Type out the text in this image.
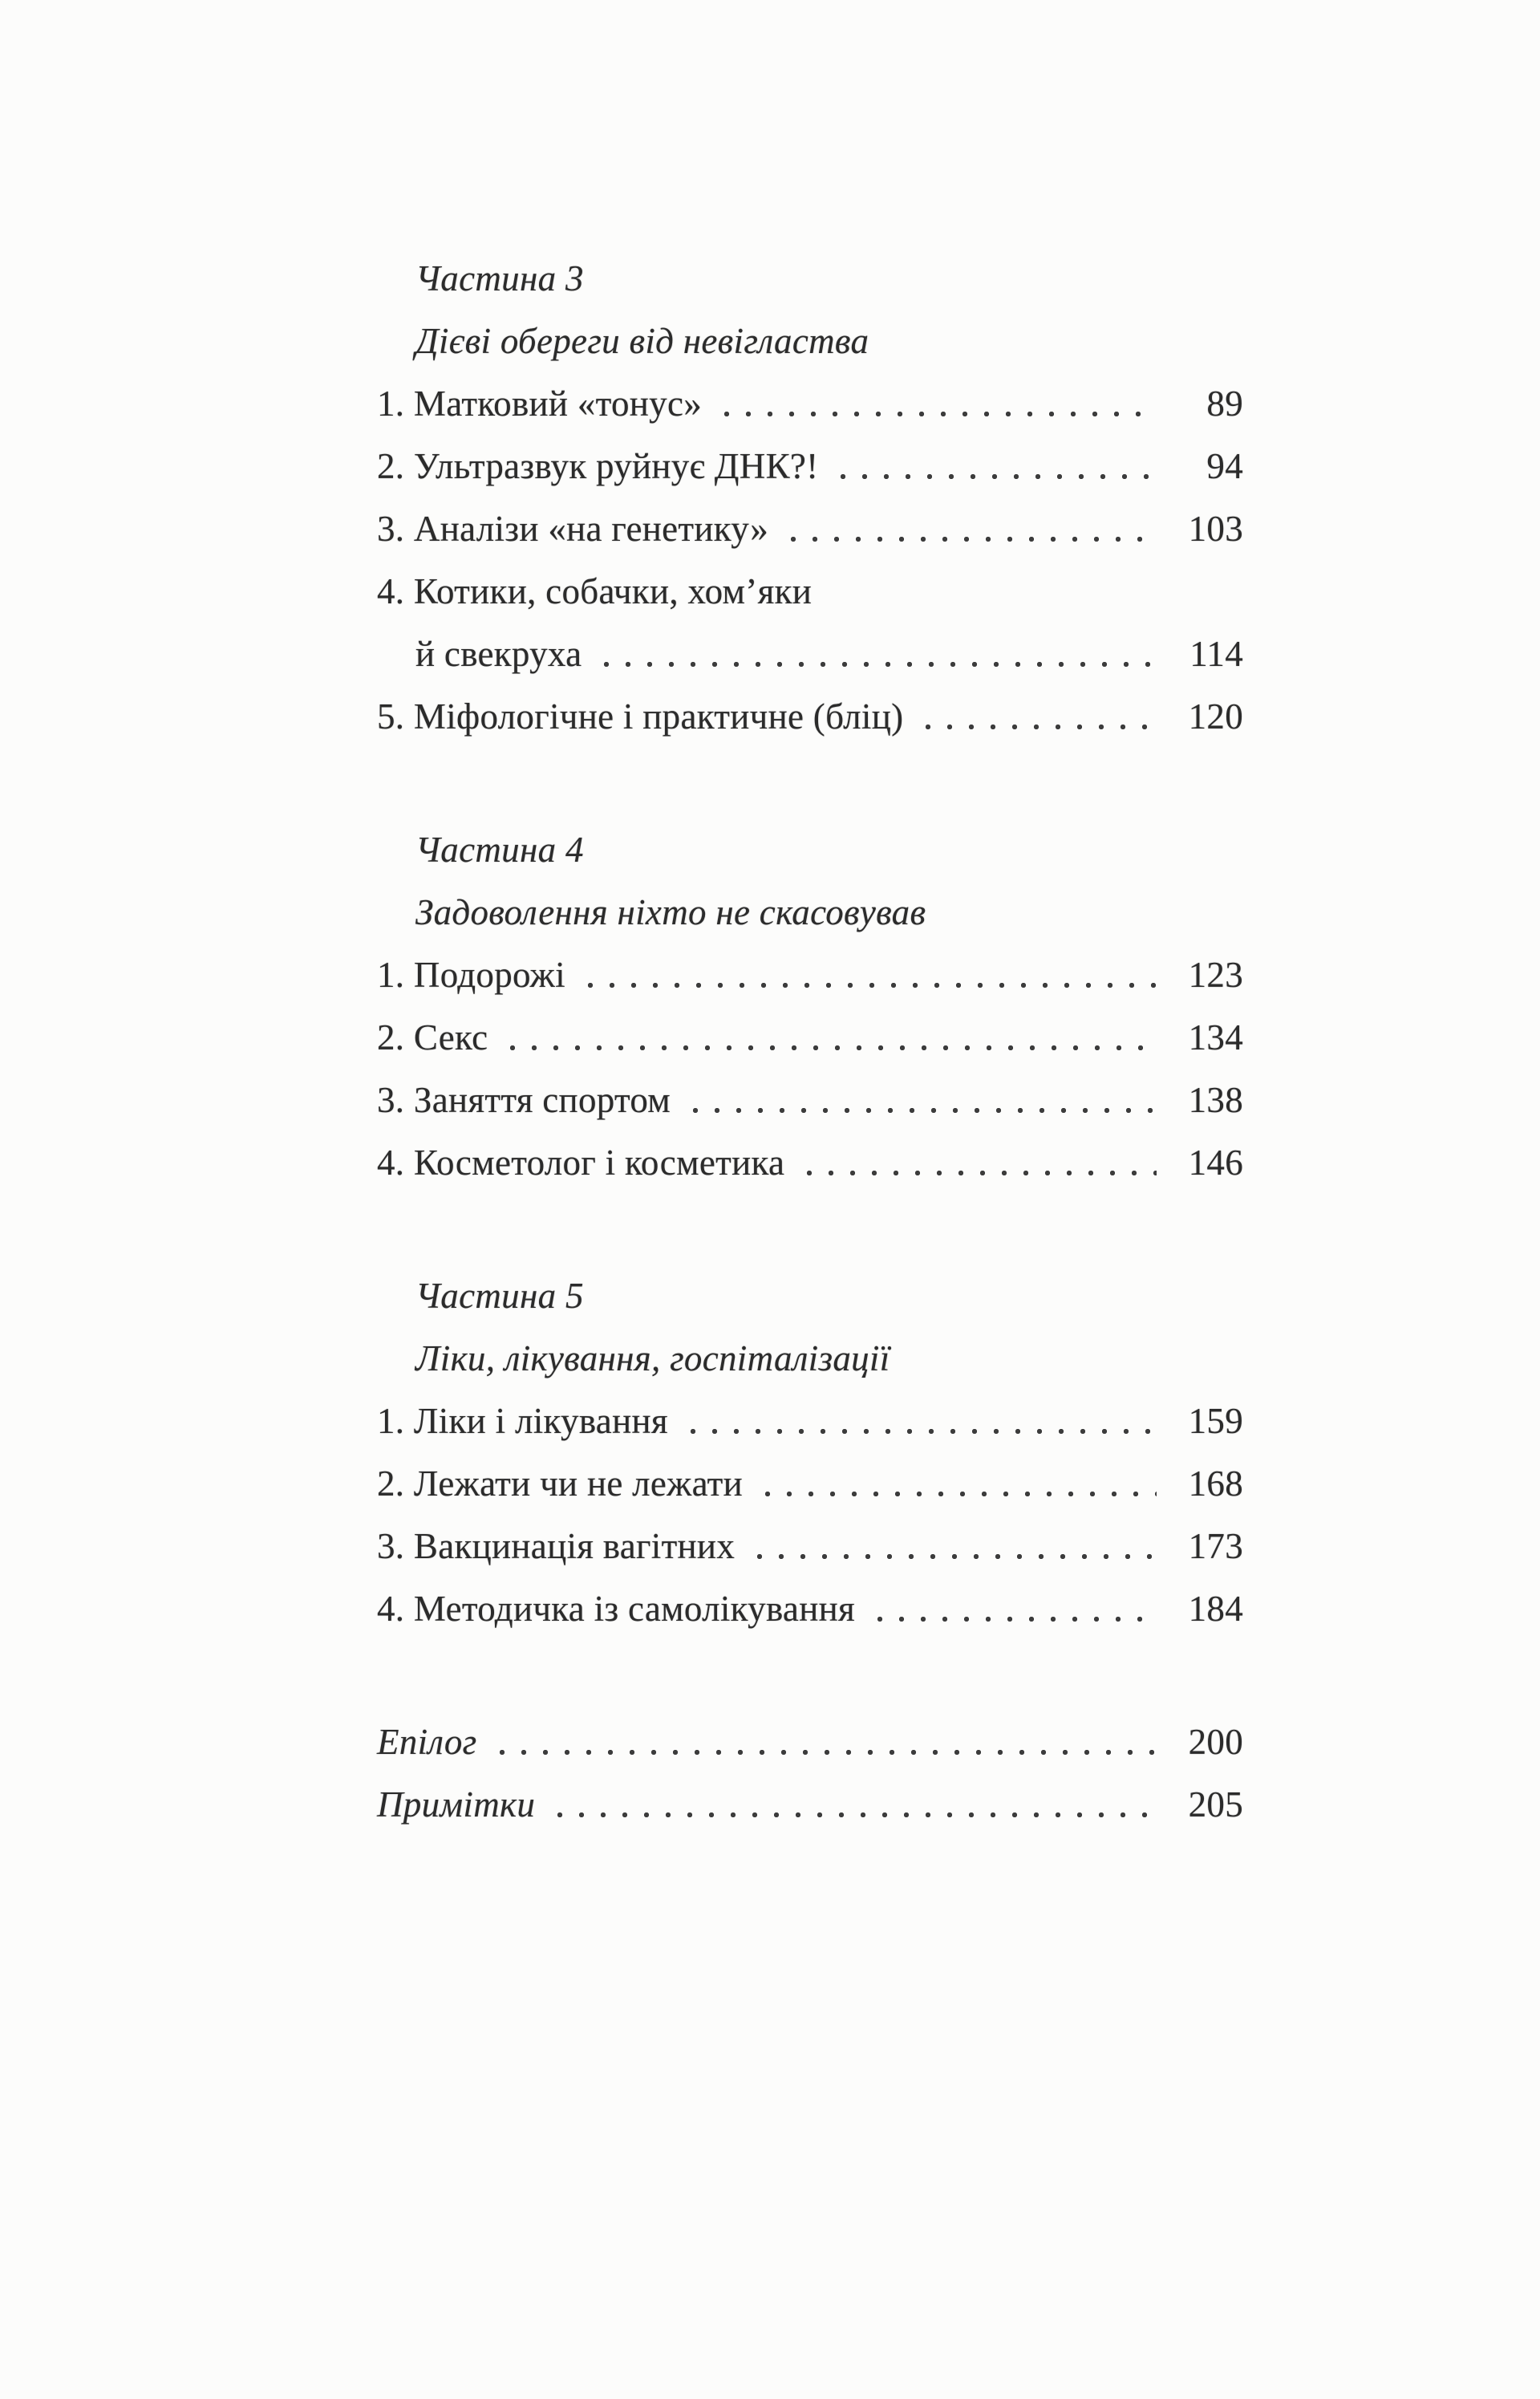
Частина 3
Дієві обереги від невігластва
1. Матковий «тонус»	89
2. Ультразвук руйнує ДНК?!	94
3. Аналізи «на генетику»	103
4. Котики, собачки, хом’яки
й свекруха	114
5. Міфологічне і практичне (бліц)	120
Частина 4
Задоволення ніхто не скасовував
1. Подорожі	123
2. Секс	134
3. Заняття спортом	138
4. Косметолог і косметика	146
Частина 5
Ліки, лікування, госпіталізації
1. Ліки і лікування	159
2. Лежати чи не лежати	168
3. Вакцинація вагітних	173
4. Методичка із самолікування	184
Епілог	200
Примітки	205
